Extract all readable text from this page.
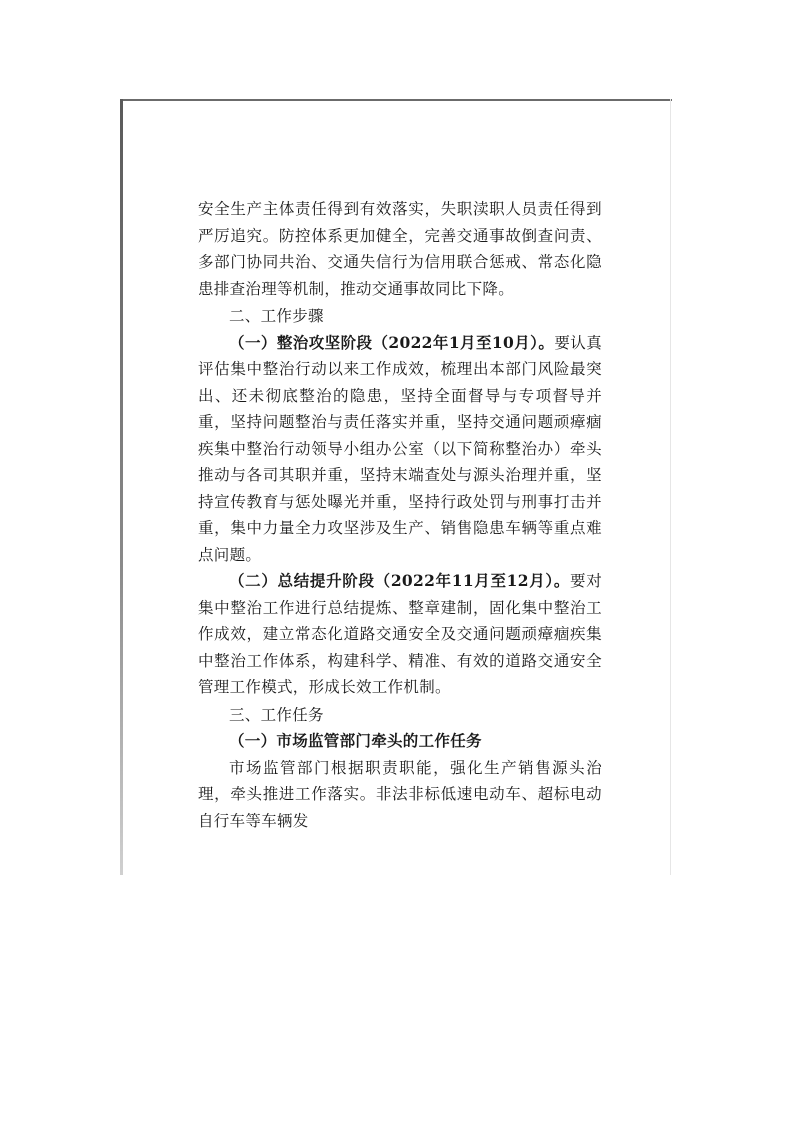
安全生产主体责任得到有效落实，失职渎职人员责任得到严厉追究。防控体系更加健全，完善交通事故倒查问责、多部门协同共治、交通失信行为信用联合惩戒、常态化隐患排查治理等机制，推动交通事故同比下降。

二、工作步骤

（一）整治攻坚阶段（2022年1月至10月）。要认真评估集中整治行动以来工作成效，梳理出本部门风险最突出、还未彻底整治的隐患，坚持全面督导与专项督导并重，坚持问题整治与责任落实并重，坚持交通问题顽瘴痼疾集中整治行动领导小组办公室（以下简称整治办）牵头推动与各司其职并重，坚持末端查处与源头治理并重，坚持宣传教育与惩处曝光并重，坚持行政处罚与刑事打击并重，集中力量全力攻坚涉及生产、销售隐患车辆等重点难点问题。

（二）总结提升阶段（2022年11月至12月）。要对集中整治工作进行总结提炼、整章建制，固化集中整治工作成效，建立常态化道路交通安全及交通问题顽瘴痼疾集中整治工作体系，构建科学、精准、有效的道路交通安全管理工作模式，形成长效工作机制。

三、工作任务

（一）市场监管部门牵头的工作任务

市场监管部门根据职责职能，强化生产销售源头治理，牵头推进工作落实。非法非标低速电动车、超标电动自行车等车辆发
